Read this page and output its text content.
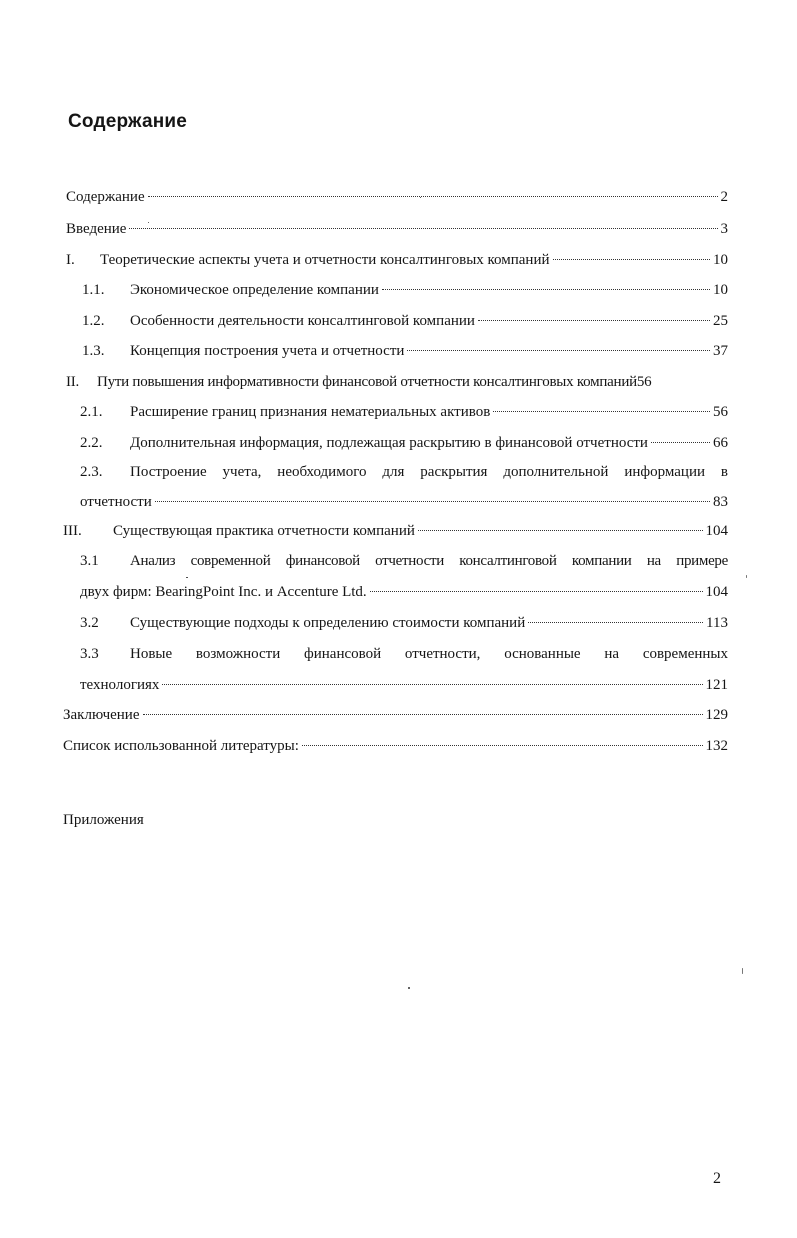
Содержание
Содержание	2
Введение	3
I.	Теоретические аспекты учета и отчетности консалтинговых компаний	10
1.1.	Экономическое определение компании	10
1.2.	Особенности деятельности консалтинговой компании	25
1.3.	Концепция построения учета и отчетности	37
II.	Пути повышения информативности финансовой отчетности консалтинговых компаний 56
2.1.	Расширение границ признания нематериальных активов	56
2.2.	Дополнительная информация, подлежащая раскрытию в финансовой отчетности	66
2.3.	Построение учета, необходимого для раскрытия дополнительной информации в
отчетности	83
III.	Существующая практика отчетности компаний	104
3.1	Анализ современной финансовой отчетности консалтинговой компании на примере
двух фирм: BearingPoint Inc. и Accenture Ltd.	104
3.2	Существующие подходы к определению стоимости компаний	113
3.3	Новые возможности финансовой отчетности, основанные на современных
технологиях	121
Заключение	129
Список использованной литературы:	132
Приложения
2
